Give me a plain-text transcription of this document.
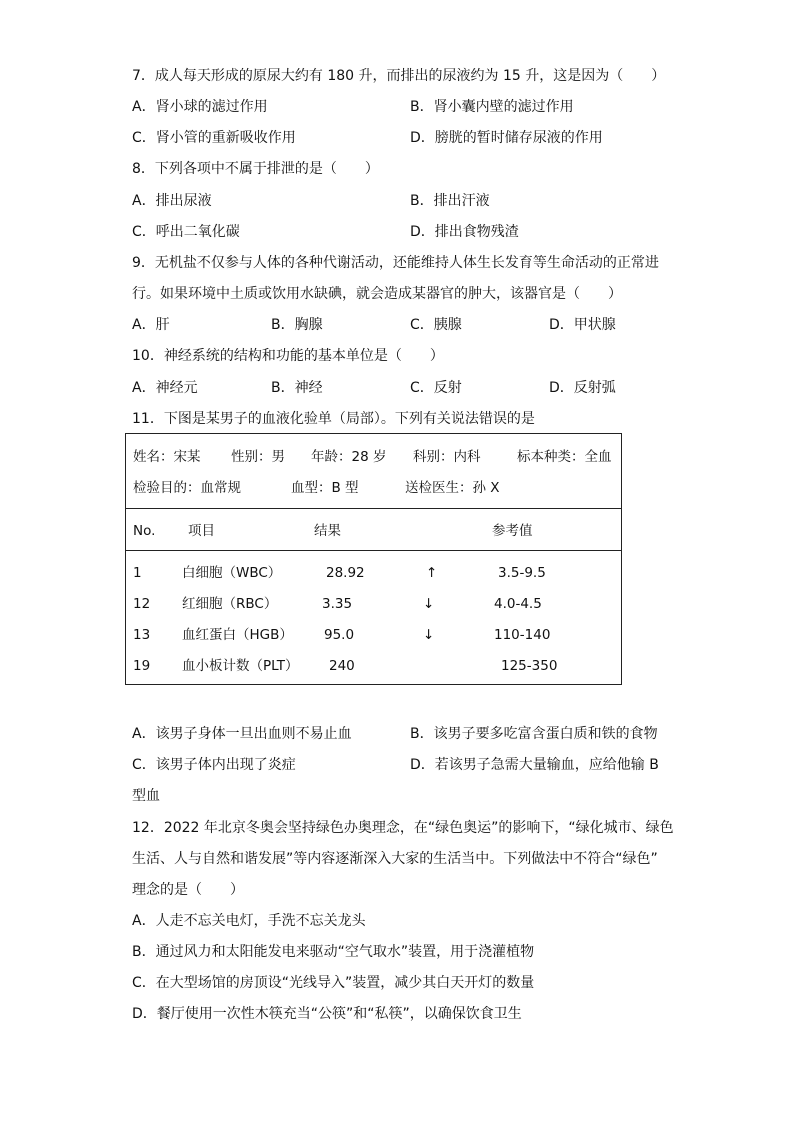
7．成人每天形成的原尿大约有 180 升，而排出的尿液约为 15 升，这是因为（　　）
A．肾小球的滤过作用	B．肾小囊内壁的滤过作用
C．肾小管的重新吸收作用	D．膀胱的暂时储存尿液的作用
8．下列各项中不属于排泄的是（　　）
A．排出尿液	B．排出汗液
C．呼出二氧化碳	D．排出食物残渣
9．无机盐不仅参与人体的各种代谢活动，还能维持人体生长发育等生命活动的正常进
行。如果环境中土质或饮用水缺碘，就会造成某器官的肿大，该器官是（　　）
A．肝	B．胸腺	C．胰腺	D．甲状腺
10．神经系统的结构和功能的基本单位是（　　）
A．神经元	B．神经	C．反射	D．反射弧
11．下图是某男子的血液化验单（局部）。下列有关说法错误的是
姓名：宋某 性别：男 年龄：28 岁 科别：内科	标本种类：全血
检验目的：血常规	血型：B 型	送检医生：孙 X
No. 项目	结果	参考值
1	白细胞（WBC）	28.92	↑	3.5-9.5
12 红细胞（RBC）	3.35	↓	4.0-4.5
13 血红蛋白（HGB） 95.0	↓	110-140
19 血小板计数（PLT） 240	125-350
A．该男子身体一旦出血则不易止血	B．该男子要多吃富含蛋白质和铁的食物
C．该男子体内出现了炎症	D．若该男子急需大量输血，应给他输 B
型血
12．2022 年北京冬奥会坚持绿色办奥理念，在“绿色奥运”的影响下，“绿化城市、绿色
生活、人与自然和谐发展”等内容逐渐深入大家的生活当中。下列做法中不符合“绿色”
理念的是（　　）
A．人走不忘关电灯，手洗不忘关龙头
B．通过风力和太阳能发电来驱动“空气取水”装置，用于浇灌植物
C．在大型场馆的房顶设“光线导入”装置，减少其白天开灯的数量
D．餐厅使用一次性木筷充当“公筷”和“私筷”，以确保饮食卫生
